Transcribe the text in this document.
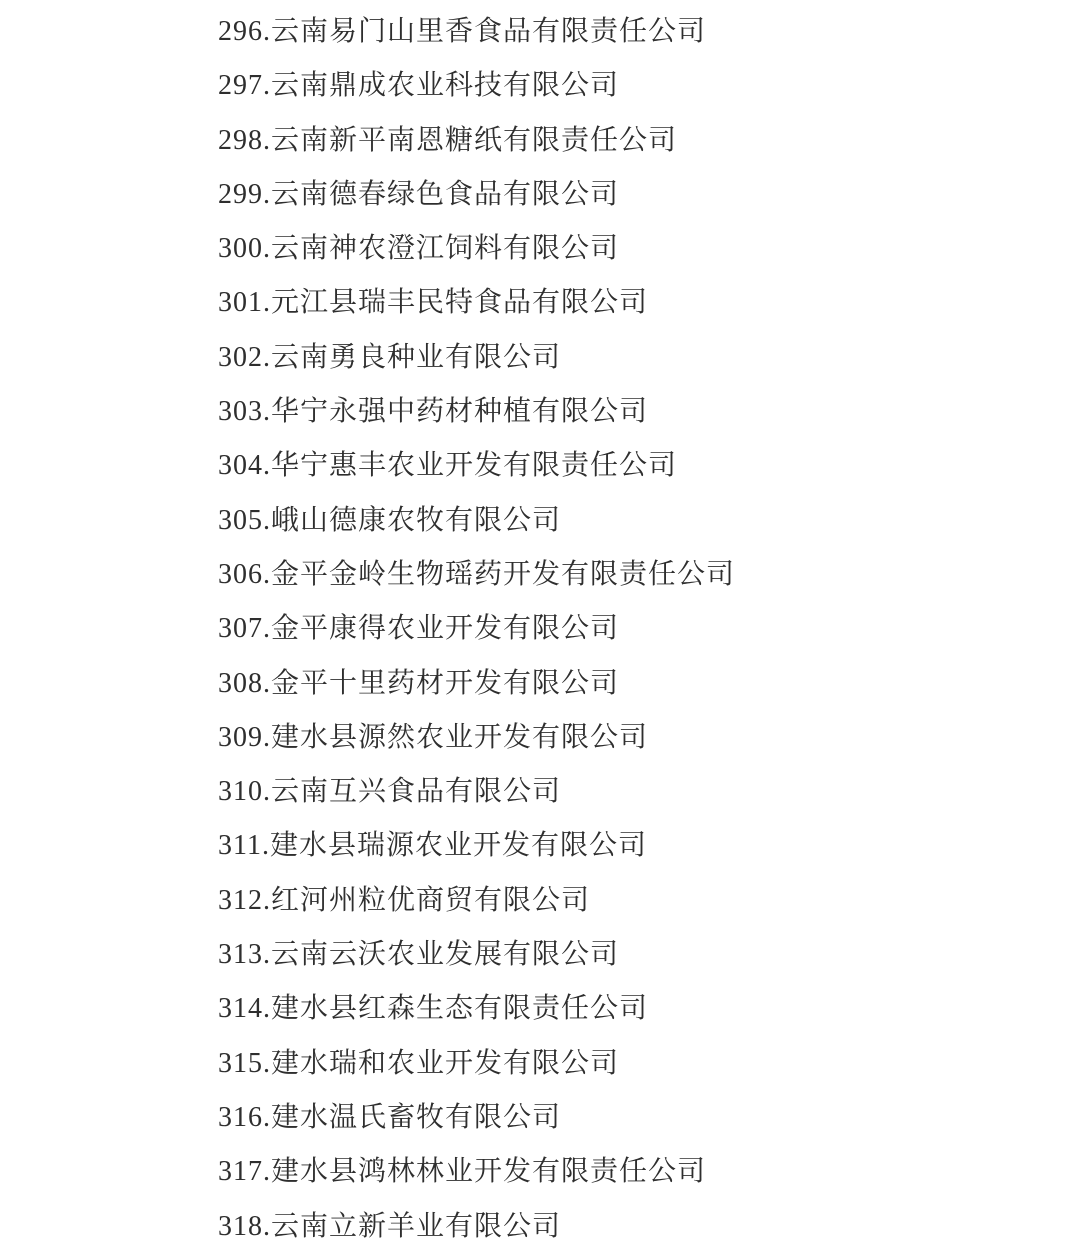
296.云南易门山里香食品有限责任公司
297.云南鼎成农业科技有限公司
298.云南新平南恩糖纸有限责任公司
299.云南德春绿色食品有限公司
300.云南神农澄江饲料有限公司
301.元江县瑞丰民特食品有限公司
302.云南勇良种业有限公司
303.华宁永强中药材种植有限公司
304.华宁惠丰农业开发有限责任公司
305.峨山德康农牧有限公司
306.金平金岭生物瑶药开发有限责任公司
307.金平康得农业开发有限公司
308.金平十里药材开发有限公司
309.建水县源然农业开发有限公司
310.云南互兴食品有限公司
311.建水县瑞源农业开发有限公司
312.红河州粒优商贸有限公司
313.云南云沃农业发展有限公司
314.建水县红森生态有限责任公司
315.建水瑞和农业开发有限公司
316.建水温氏畜牧有限公司
317.建水县鸿林林业开发有限责任公司
318.云南立新羊业有限公司
